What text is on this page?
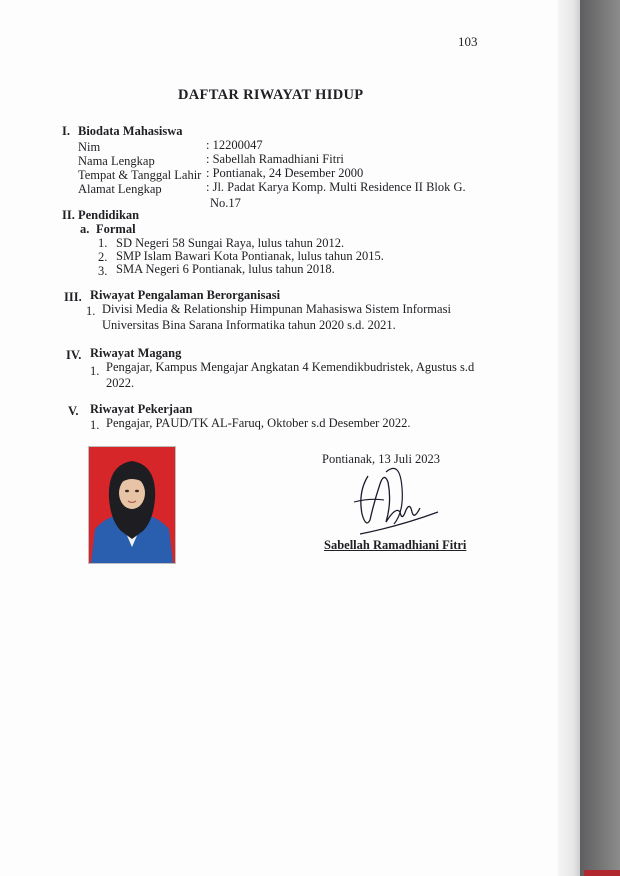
103
DAFTAR RIWAYAT HIDUP
I. Biodata Mahasiswa
Nim	: 12200047
Nama Lengkap	: Sabellah Ramadhiani Fitri
Tempat & Tanggal Lahir : Pontianak, 24 Desember 2000
Alamat Lengkap	: Jl. Padat Karya Komp. Multi Residence II Blok G.
No.17
II. Pendidikan
a. Formal
1. SD Negeri 58 Sungai Raya, lulus tahun 2012.
2. SMP Islam Bawari Kota Pontianak, lulus tahun 2015.
3. SMA Negeri 6 Pontianak, lulus tahun 2018.
III. Riwayat Pengalaman Berorganisasi
1. Divisi Media & Relationship Himpunan Mahasiswa Sistem Informasi
Universitas Bina Sarana Informatika tahun 2020 s.d. 2021.
IV. Riwayat Magang
1. Pengajar, Kampus Mengajar Angkatan 4 Kemendikbudristek, Agustus s.d
2022.
V. Riwayat Pekerjaan
1. Pengajar, PAUD/TK AL-Faruq, Oktober s.d Desember 2022.
Pontianak, 13 Juli 2023
Sabellah Ramadhiani Fitri
